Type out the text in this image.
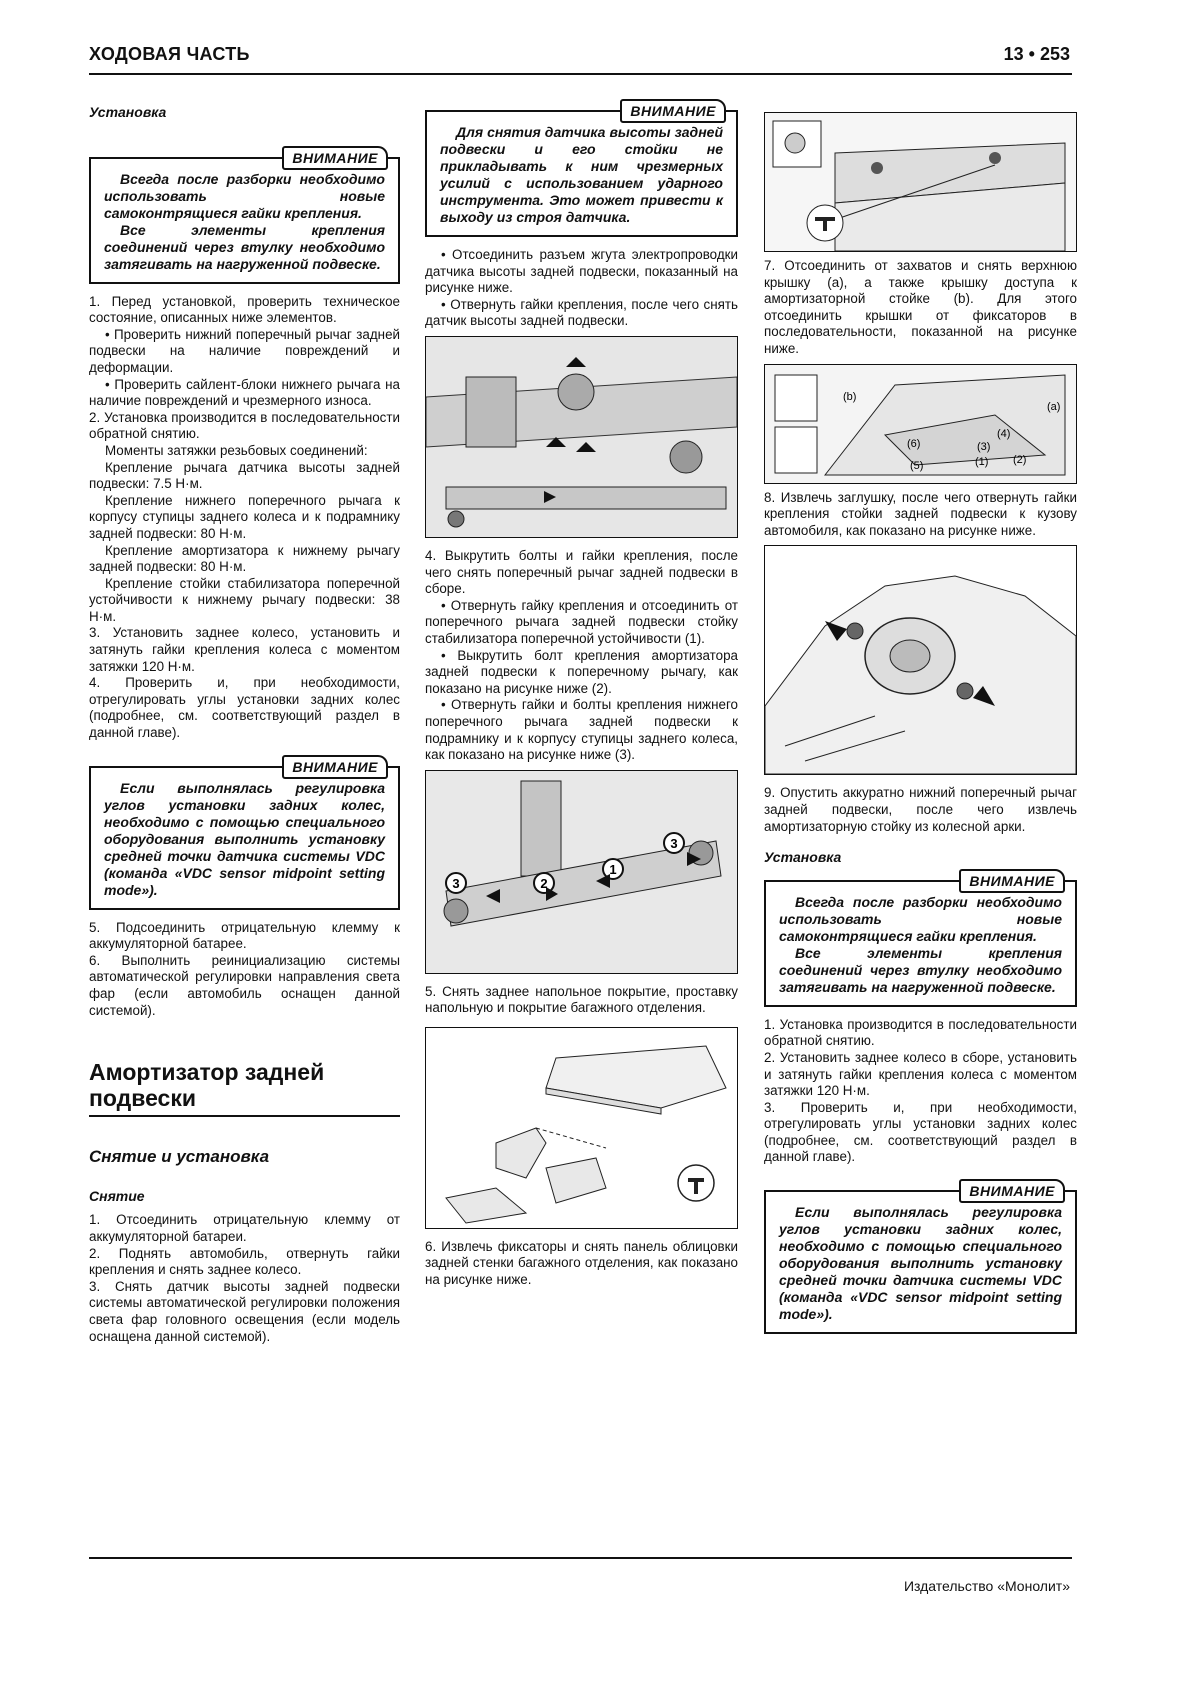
ХОДОВАЯ ЧАСТЬ	13 • 253
Установка
ВНИМАНИЕ

Всегда после разборки необходимо использовать новые самоконтрящиеся гайки крепления.

Все элементы крепления соединений через втулку необходимо затягивать на нагруженной подвеске.

1. Перед установкой, проверить техническое состояние, описанных ниже элементов.

• Проверить нижний поперечный рычаг задней подвески на наличие повреждений и деформации.

• Проверить сайлент-блоки нижнего рычага на наличие повреждений и чрезмерного износа.

2. Установка производится в последовательности обратной снятию.

Моменты затяжки резьбовых соединений:

Крепление рычага датчика высоты задней подвески: 7.5 Н·м.

Крепление нижнего поперечного рычага к корпусу ступицы заднего колеса и к подрамнику задней подвески: 80 Н·м.

Крепление амортизатора к нижнему рычагу задней подвески: 80 Н·м.

Крепление стойки стабилизатора поперечной устойчивости к нижнему рычагу подвески: 38 Н·м.

3. Установить заднее колесо, установить и затянуть гайки крепления колеса с моментом затяжки 120 Н·м.

4. Проверить и, при необходимости, отрегулировать углы установки задних колес (подробнее, см. соответствующий раздел в данной главе).

ВНИМАНИЕ

Если выполнялась регулировка углов установки задних колес, необходимо с помощью специального оборудования выполнить установку средней точки датчика системы VDC (команда «VDC sensor midpoint setting mode»).

5. Подсоединить отрицательную клемму к аккумуляторной батарее.

6. Выполнить реинициализацию системы автоматической регулировки направления света фар (если автомобиль оснащен данной системой).

Амортизатор задней подвески
Снятие и установка
Снятие

1. Отсоединить отрицательную клемму от аккумуляторной батареи.

2. Поднять автомобиль, отвернуть гайки крепления и снять заднее колесо.

3. Снять датчик высоты задней подвески системы автоматической регулировки положения света фар головного освещения (если модель оснащена данной системой).

ВНИМАНИЕ

Для снятия датчика высоты задней подвески и его стойки не прикладывать к ним чрезмерных усилий с использованием ударного инструмента. Это может привести к выходу из строя датчика.

• Отсоединить разъем жгута электропроводки датчика высоты задней подвески, показанный на рисунке ниже.

• Отвернуть гайки крепления, после чего снять датчик высоты задней подвески.

4. Выкрутить болты и гайки крепления, после чего снять поперечный рычаг задней подвески в сборе.

• Отвернуть гайку крепления и отсоединить от поперечного рычага задней подвески стойку стабилизатора поперечной устойчивости (1).

• Выкрутить болт крепления амортизатора задней подвески к поперечному рычагу, как показано на рисунке ниже (2).

• Отвернуть гайки и болты крепления нижнего поперечного рычага задней подвески к подрамнику и к корпусу ступицы заднего колеса, как показано на рисунке ниже (3).

1
2
3
3

5. Снять заднее напольное покрытие, проставку напольную и покрытие багажного отделения.

6. Извлечь фиксаторы и снять панель облицовки задней стенки багажного отделения, как показано на рисунке ниже.

7. Отсоединить от захватов и снять верхнюю крышку (a), а также крышку доступа к амортизаторной стойке (b). Для этого отсоединить крышки от фиксаторов в последовательности, показанной на рисунке ниже.

(b)
(a)
(4)
(6)	(3)
(1) (2)
(5)

8. Извлечь заглушку, после чего отвернуть гайки крепления стойки задней подвески к кузову автомобиля, как показано на рисунке ниже.

9. Опустить аккуратно нижний поперечный рычаг задней подвески, после чего извлечь амортизаторную стойку из колесной арки.

Установка
ВНИМАНИЕ

Всегда после разборки необходимо использовать новые самоконтрящиеся гайки крепления.

Все элементы крепления соединений через втулку необходимо затягивать на нагруженной подвеске.

1. Установка производится в последовательности обратной снятию.

2. Установить заднее колесо в сборе, установить и затянуть гайки крепления колеса с моментом затяжки 120 Н·м.

3. Проверить и, при необходимости, отрегулировать углы установки задних колес (подробнее, см. соответствующий раздел в данной главе).

ВНИМАНИЕ

Если выполнялась регулировка углов установки задних колес, необходимо с помощью специального оборудования выполнить установку средней точки датчика системы VDC (команда «VDC sensor midpoint setting mode»).

Издательство «Монолит»
